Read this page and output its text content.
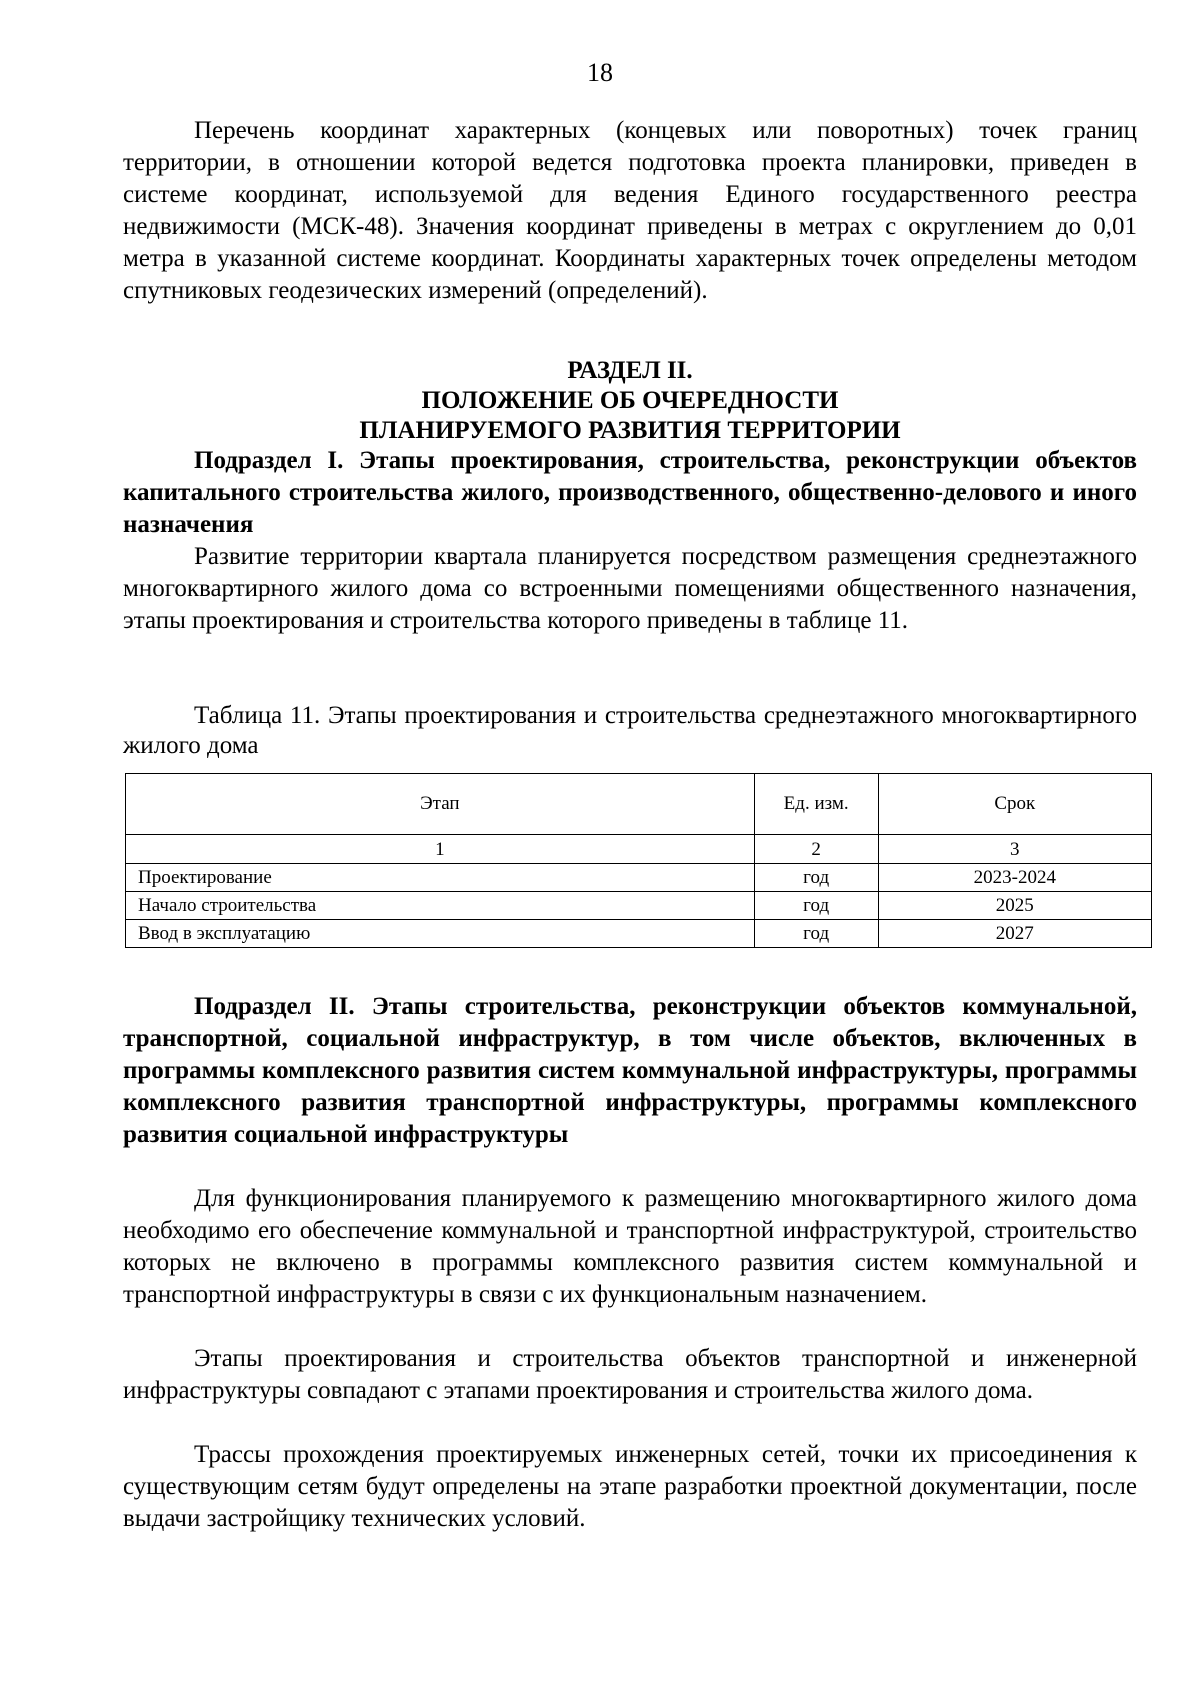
18

Перечень координат характерных (концевых или поворотных) точек границ территории, в отношении которой ведется подготовка проекта планировки, приведен в системе координат, используемой для ведения Единого государственного реестра недвижимости (МСК-48). Значения координат приведены в метрах с округлением до 0,01 метра в указанной системе координат. Координаты характерных точек определены методом спутниковых геодезических измерений (определений).

РАЗДЕЛ II.
ПОЛОЖЕНИЕ ОБ ОЧЕРЕДНОСТИ
ПЛАНИРУЕМОГО РАЗВИТИЯ ТЕРРИТОРИИ

Подраздел I. Этапы проектирования, строительства, реконструкции объектов капитального строительства жилого, производственного, общественно-делового и иного назначения

Развитие территории квартала планируется посредством размещения среднеэтажного многоквартирного жилого дома со встроенными помещениями общественного назначения, этапы проектирования и строительства которого приведены в таблице 11.

Таблица 11. Этапы проектирования и строительства среднеэтажного многоквартирного жилого дома

Этап	Ед. изм.	Срок
1	2	3
Проектирование	год	2023-2024
Начало строительства	год	2025
Ввод в эксплуатацию	год	2027

Подраздел II. Этапы строительства, реконструкции объектов коммунальной, транспортной, социальной инфраструктур, в том числе объектов, включенных в программы комплексного развития систем коммунальной инфраструктуры, программы комплексного развития транспортной инфраструктуры, программы комплексного развития социальной инфраструктуры

Для функционирования планируемого к размещению многоквартирного жилого дома необходимо его обеспечение коммунальной и транспортной инфраструктурой, строительство которых не включено в программы комплексного развития систем коммунальной и транспортной инфраструктуры в связи с их функциональным назначением.

Этапы проектирования и строительства объектов транспортной и инженерной инфраструктуры совпадают с этапами проектирования и строительства жилого дома.

Трассы прохождения проектируемых инженерных сетей, точки их присоединения к существующим сетям будут определены на этапе разработки проектной документации, после выдачи застройщику технических условий.
